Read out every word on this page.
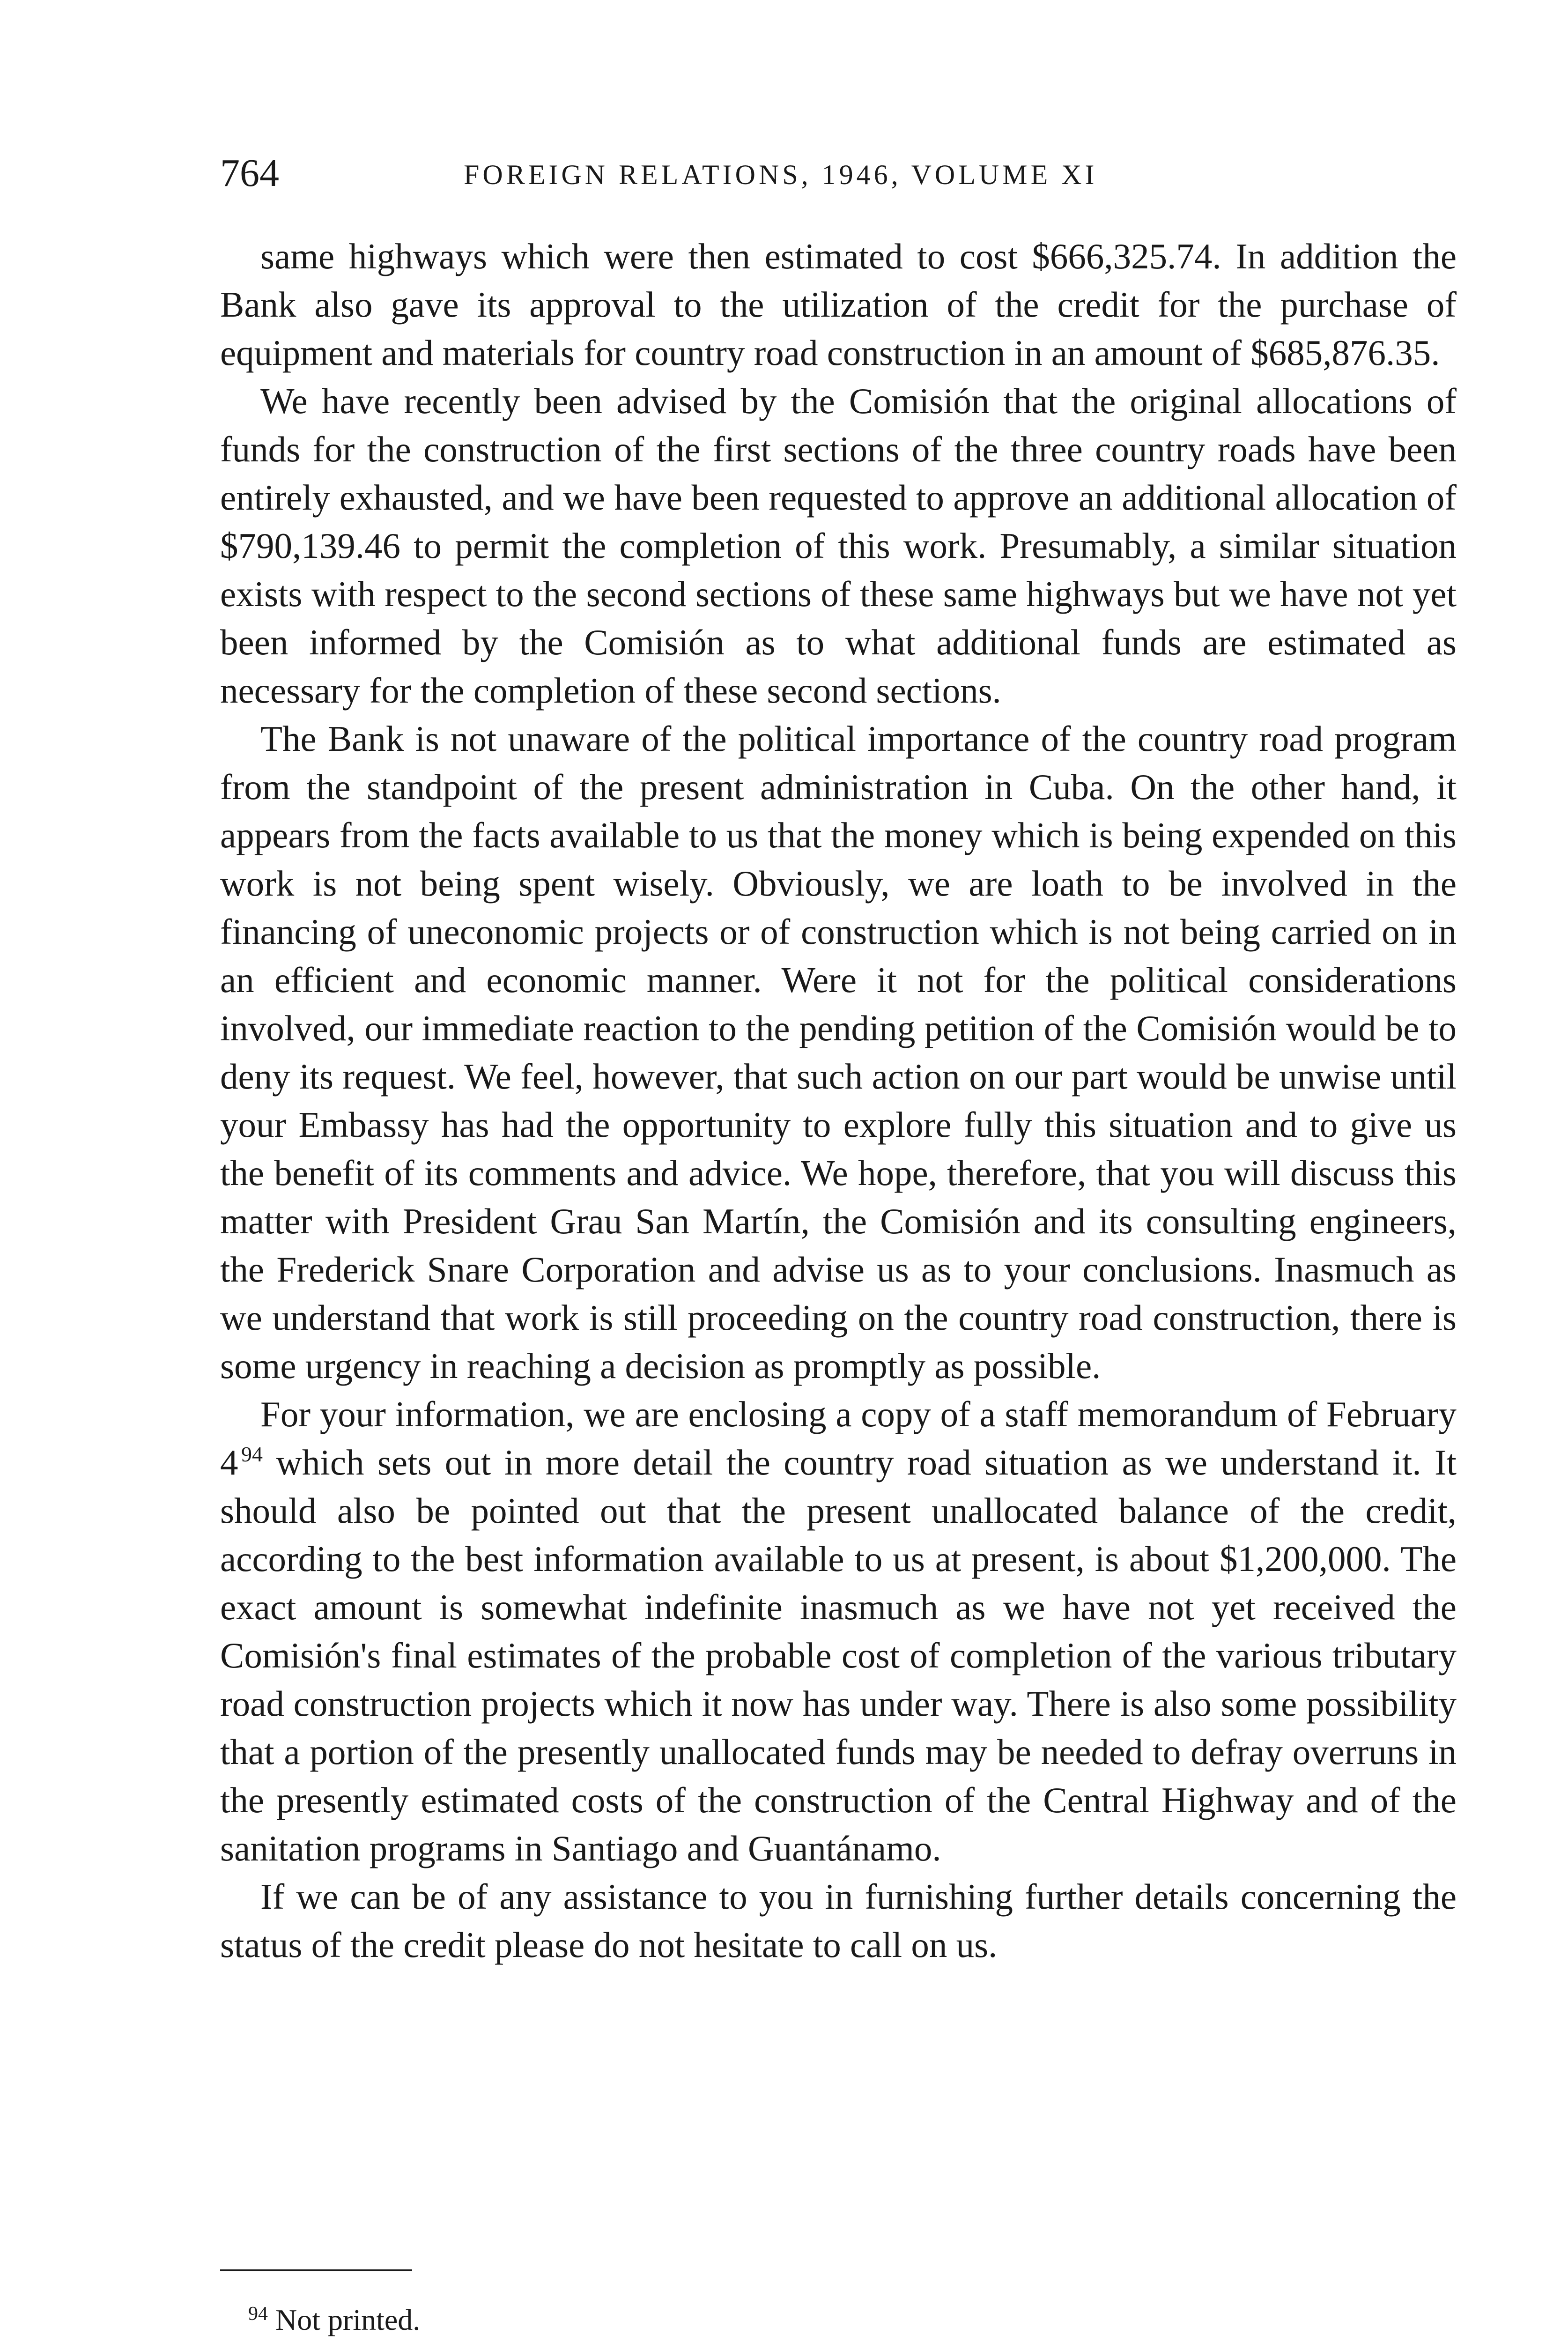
764	FOREIGN RELATIONS, 1946, VOLUME XI

same highways which were then estimated to cost $666,325.74. In addition the Bank also gave its approval to the utilization of the credit for the purchase of equipment and materials for country road construction in an amount of $685,876.35.

We have recently been advised by the Comisión that the original allocations of funds for the construction of the first sections of the three country roads have been entirely exhausted, and we have been requested to approve an additional allocation of $790,139.46 to permit the completion of this work. Presumably, a similar situation exists with respect to the second sections of these same highways but we have not yet been informed by the Comisión as to what additional funds are estimated as necessary for the completion of these second sections.

The Bank is not unaware of the political importance of the country road program from the standpoint of the present administration in Cuba. On the other hand, it appears from the facts available to us that the money which is being expended on this work is not being spent wisely. Obviously, we are loath to be involved in the financing of uneconomic projects or of construction which is not being carried on in an efficient and economic manner. Were it not for the political considerations involved, our immediate reaction to the pending petition of the Comisión would be to deny its request. We feel, however, that such action on our part would be unwise until your Embassy has had the opportunity to explore fully this situation and to give us the benefit of its comments and advice. We hope, therefore, that you will discuss this matter with President Grau San Martín, the Comisión and its consulting engineers, the Frederick Snare Corporation and advise us as to your conclusions. Inasmuch as we understand that work is still proceeding on the country road construction, there is some urgency in reaching a decision as promptly as possible.

For your information, we are enclosing a copy of a staff memorandum of February 4  $^{94}$ which sets out in more detail the country road situation as we understand it. It should also be pointed out that the present unallocated balance of the credit, according to the best information available to us at present, is about $1,200,000. The exact amount is somewhat indefinite inasmuch as we have not yet received the Comisión's final estimates of the probable cost of completion of the various tributary road construction projects which it now has under way. There is also some possibility that a portion of the presently unallocated funds may be needed to defray overruns in the presently estimated costs of the construction of the Central Highway and of the sanitation programs in Santiago and Guantánamo.

If we can be of any assistance to you in furnishing further details concerning the status of the credit please do not hesitate to call on us.

$^{94}$ Not printed.
